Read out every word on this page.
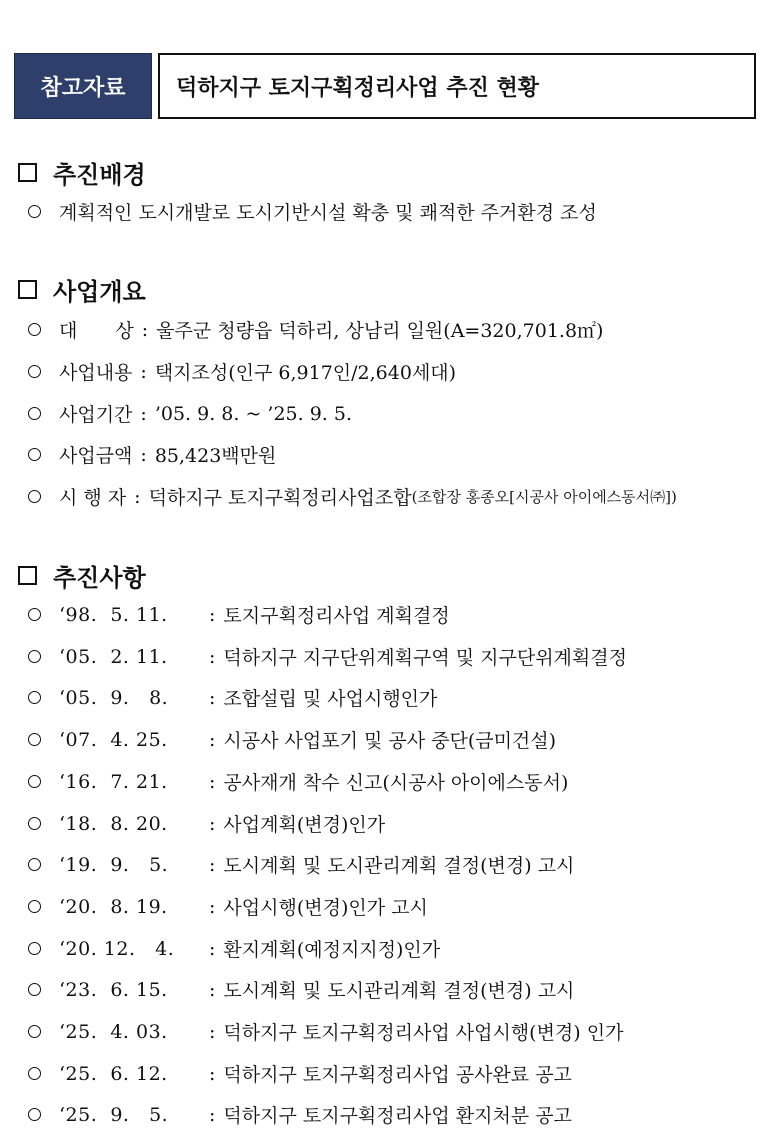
참고자료	덕하지구 토지구획정리사업 추진 현황
추진배경
계획적인 도시개발로 도시기반시설 확충 및 쾌적한 주거환경 조성
사업개요
대　　상 : 울주군 청량읍 덕하리, 상남리 일원(A=320,701.8㎡)
사업내용 : 택지조성(인구 6,917인/2,640세대)
사업기간 : ’05. 9. 8. ~ ’25. 9. 5.
사업금액 : 85,423백만원
시 행 자 : 덕하지구 토지구획정리사업조합 (조합장 홍종오[시공사 아이에스동서㈜])
추진사항
‘98.  5. 11.	: 토지구획정리사업 계획결정
‘05.  2. 11.	: 덕하지구 지구단위계획구역 및 지구단위계획결정
‘05.  9.   8.	: 조합설립 및 사업시행인가
‘07.  4. 25.	: 시공사 사업포기 및 공사 중단(금미건설)
‘16.  7. 21.	: 공사재개 착수 신고(시공사 아이에스동서)
‘18.  8. 20.	: 사업계획(변경)인가
‘19.  9.   5.	: 도시계획 및 도시관리계획 결정(변경) 고시
‘20.  8. 19.	: 사업시행(변경)인가 고시
‘20. 12.   4.	: 환지계획(예정지지정)인가
‘23.  6. 15.	: 도시계획 및 도시관리계획 결정(변경) 고시
‘25.  4. 03.	: 덕하지구 토지구획정리사업 사업시행(변경) 인가
‘25.  6. 12.	: 덕하지구 토지구획정리사업 공사완료 공고
‘25.  9.   5.	: 덕하지구 토지구획정리사업 환지처분 공고
